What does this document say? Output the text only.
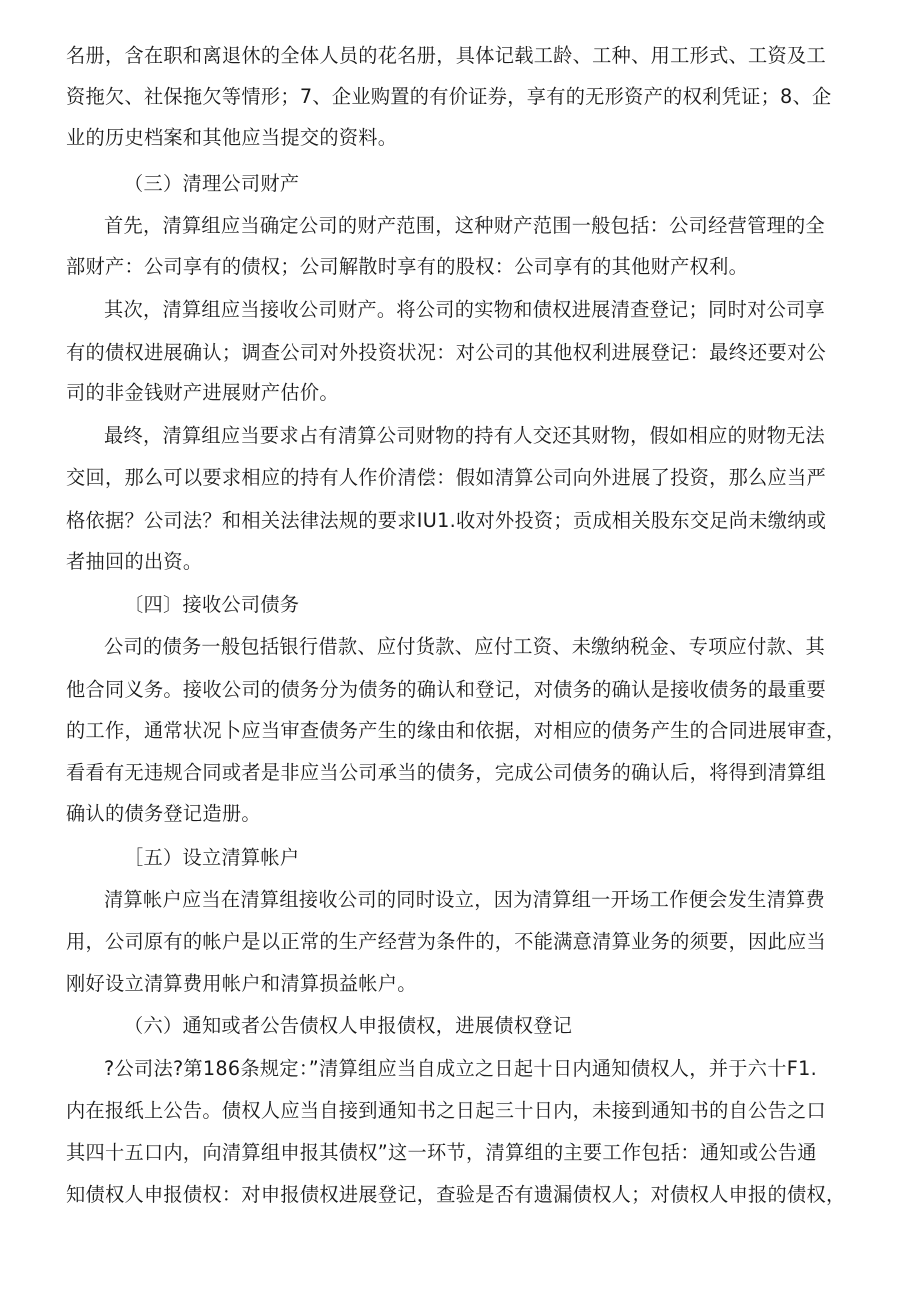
名册，含在职和离退休的全体人员的花名册，具体记载工龄、工种、用工形式、工资及工
资拖欠、社保拖欠等情形；7、企业购置的有价证券，享有的无形资产的权利凭证；8、企
业的历史档案和其他应当提交的资料。
（三）清理公司财产
首先，清算组应当确定公司的财产范围，这种财产范围一般包括：公司经营管理的全
部财产：公司享有的债权；公司解散时享有的股权：公司享有的其他财产权利。
其次，清算组应当接收公司财产。将公司的实物和债权进展清查登记；同时对公司享
有的债权进展确认；调查公司对外投资状况：对公司的其他权利进展登记：最终还要对公
司的非金钱财产进展财产估价。
最终，清算组应当要求占有清算公司财物的持有人交还其财物，假如相应的财物无法
交回，那么可以要求相应的持有人作价清偿：假如清算公司向外进展了投资，那么应当严
格依据？公司法？和相关法律法规的要求IU1.收对外投资；贡成相关股东交足尚未缴纳或
者抽回的出资。
〔四〕接收公司债务
公司的债务一般包括银行借款、应付货款、应付工资、未缴纳税金、专项应付款、其
他合同义务。接收公司的债务分为债务的确认和登记，对债务的确认是接收债务的最重要
的工作，通常状况卜应当审查债务产生的缘由和依据，对相应的债务产生的合同进展审查，
看看有无违规合同或者是非应当公司承当的债务，完成公司债务的确认后，将得到清算组
确认的债务登记造册。
［五）设立清算帐户
清算帐户应当在清算组接收公司的同时设立，因为清算组一开场工作便会发生清算费
用，公司原有的帐户是以正常的生产经营为条件的，不能满意清算业务的须要，因此应当
刚好设立清算费用帐户和清算损益帐户。
（六）通知或者公告债权人申报债权，进展债权登记
?公司法?第186条规定：”清算组应当自成立之日起十日内通知债权人，并于六十F1.
内在报纸上公告。债权人应当自接到通知书之日起三十日内，未接到通知书的自公告之口
其四十五口内，向清算组申报其债权”这一环节，清算组的主要工作包括：通知或公告通
知债权人申报债权：对申报债权进展登记，查验是否有遗漏债权人；对债权人申报的债权，
